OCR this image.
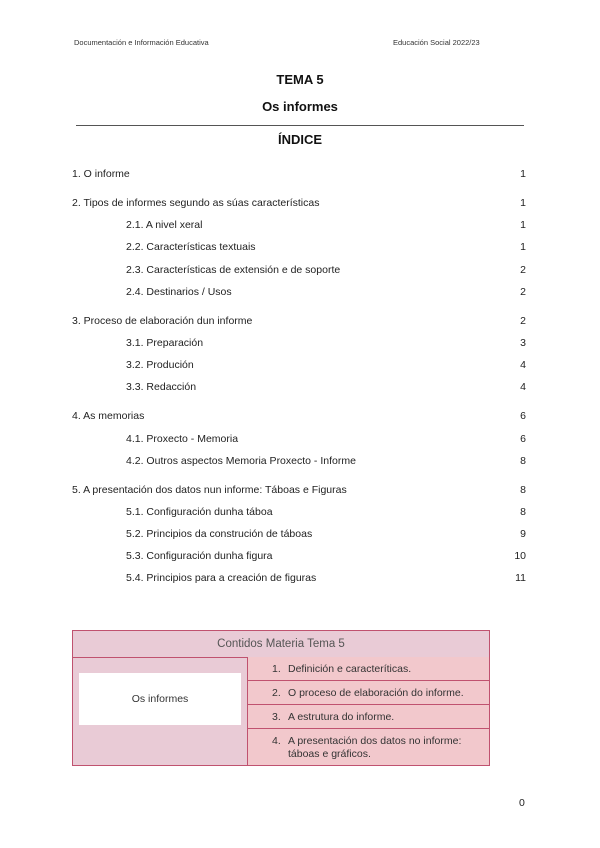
Documentación e Información Educativa	Educación Social 2022/23
TEMA 5
Os informes
ÍNDICE
1. O informe	1
2. Tipos de informes segundo as súas características	1
2.1. A nivel xeral	1
2.2. Características textuais	1
2.3. Características de extensión e de soporte	2
2.4. Destinarios / Usos	2
3. Proceso de elaboración dun informe	2
3.1. Preparación	3
3.2. Produción	4
3.3. Redacción	4
4. As memorias	6
4.1. Proxecto - Memoria	6
4.2. Outros aspectos Memoria Proxecto - Informe	8
5. A presentación dos datos nun informe: Táboas e Figuras	8
5.1. Configuración dunha táboa	8
5.2. Principios da construción de táboas	9
5.3. Configuración dunha figura	10
5.4. Principios para a creación de figuras	11
Contidos Materia Tema 5
Os informes
1. Definición e caracteríticas.
2. O proceso de elaboración do informe.
3. A estrutura do informe.
4. A presentación dos datos no informe: táboas e gráficos.
0
